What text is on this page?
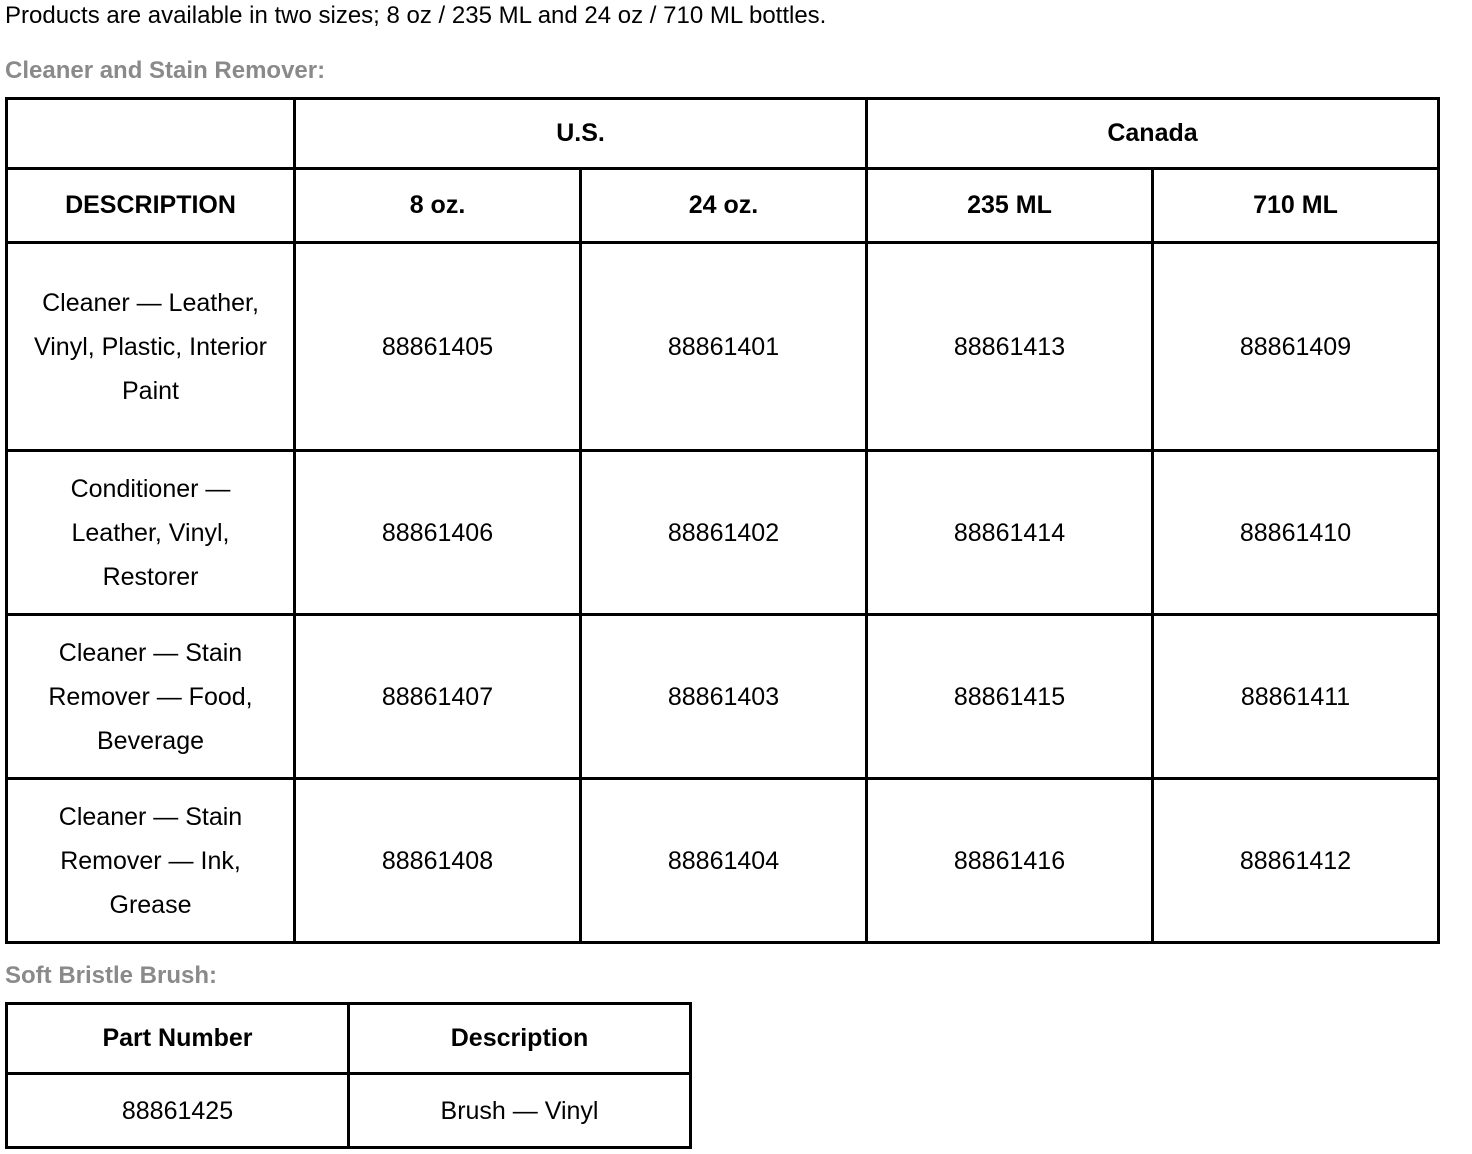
Products are available in two sizes; 8 oz / 235 ML and 24 oz / 710 ML bottles.
Cleaner and Stain Remover:
	U.S.		Canada	
DESCRIPTION	8 oz.	24 oz.	235 ML	710 ML
Cleaner — Leather, Vinyl, Plastic, Interior Paint	88861405	88861401	88861413	88861409
Conditioner — Leather, Vinyl, Restorer	88861406	88861402	88861414	88861410
Cleaner — Stain Remover — Food, Beverage	88861407	88861403	88861415	88861411
Cleaner — Stain Remover — Ink, Grease	88861408	88861404	88861416	88861412
Soft Bristle Brush:
Part Number	Description
88861425	Brush — Vinyl
